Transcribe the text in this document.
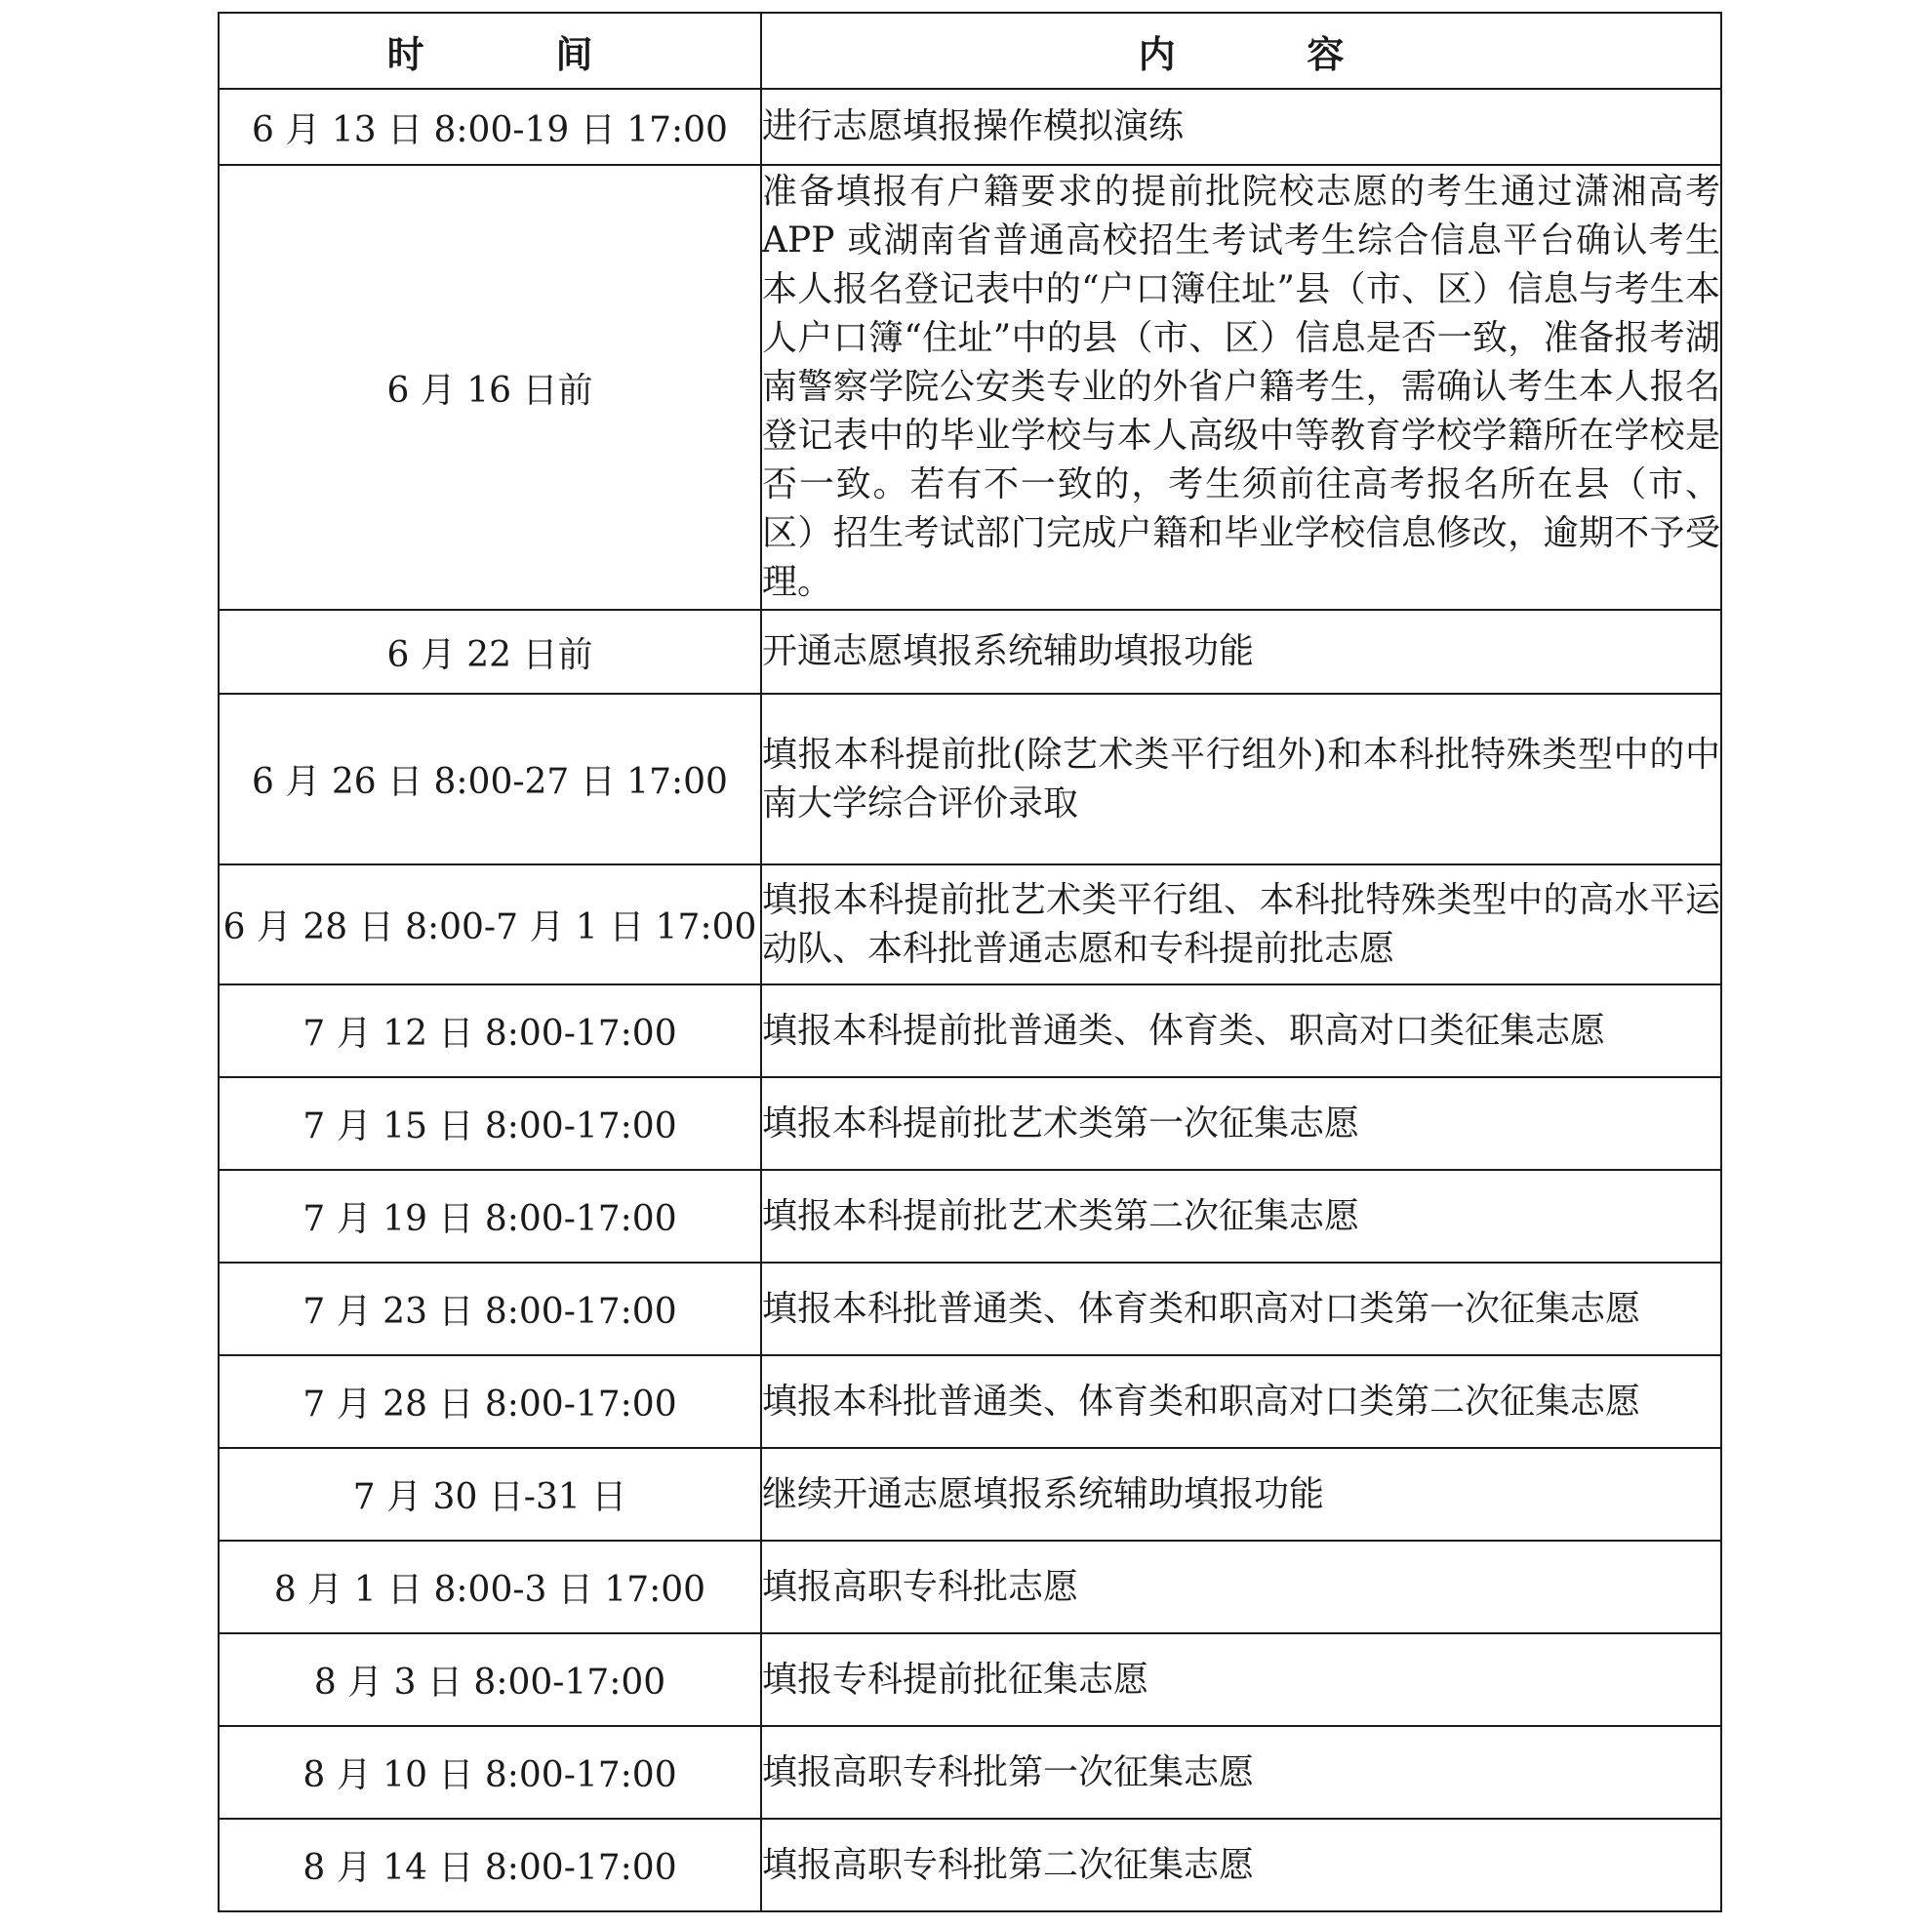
时 间	内 容
6 月 13 日 8:00-19 日 17:00	进行志愿填报操作模拟演练
6 月 16 日前	准备填报有户籍要求的提前批院校志愿的考生通过潇湘高考 APP 或湖南省普通高校招生考试考生综合信息平台确认考生本人报名登记表中的“户口簿住址”县（市、区）信息与考生本人户口簿“住址”中的县（市、区）信息是否一致，准备报考湖南警察学院公安类专业的外省户籍考生，需确认考生本人报名登记表中的毕业学校与本人高级中等教育学校学籍所在学校是否一致。若有不一致的，考生须前往高考报名所在县（市、区）招生考试部门完成户籍和毕业学校信息修改，逾期不予受理。
6 月 22 日前	开通志愿填报系统辅助填报功能
6 月 26 日 8:00-27 日 17:00	填报本科提前批(除艺术类平行组外)和本科批特殊类型中的中南大学综合评价录取
6 月 28 日 8:00-7 月 1 日 17:00	填报本科提前批艺术类平行组、本科批特殊类型中的高水平运动队、本科批普通志愿和专科提前批志愿
7 月 12 日 8:00-17:00	填报本科提前批普通类、体育类、职高对口类征集志愿
7 月 15 日 8:00-17:00	填报本科提前批艺术类第一次征集志愿
7 月 19 日 8:00-17:00	填报本科提前批艺术类第二次征集志愿
7 月 23 日 8:00-17:00	填报本科批普通类、体育类和职高对口类第一次征集志愿
7 月 28 日 8:00-17:00	填报本科批普通类、体育类和职高对口类第二次征集志愿
7 月 30 日-31 日	继续开通志愿填报系统辅助填报功能
8 月 1 日 8:00-3 日 17:00	填报高职专科批志愿
8 月 3 日 8:00-17:00	填报专科提前批征集志愿
8 月 10 日 8:00-17:00	填报高职专科批第一次征集志愿
8 月 14 日 8:00-17:00	填报高职专科批第二次征集志愿
